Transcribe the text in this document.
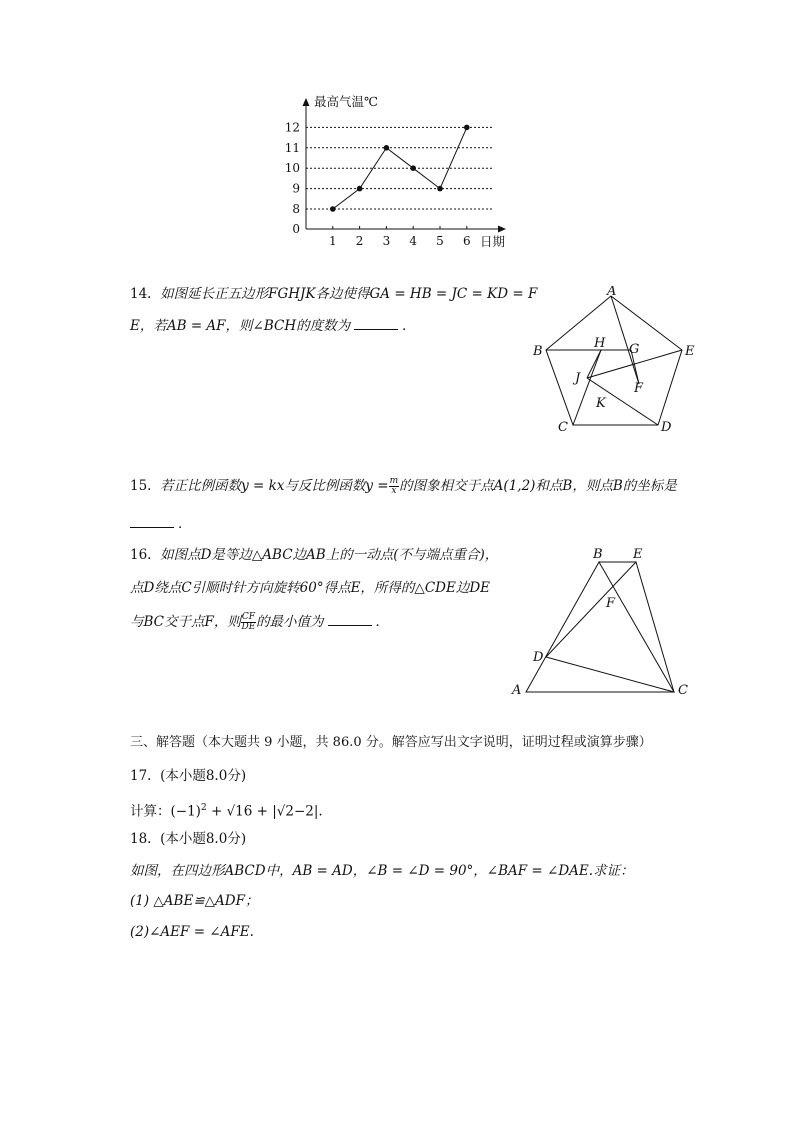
最高气温℃
日期
0
8
9
10
11
12
1 2 3 4 5 6
14. 如图延长正五边形FGHJK各边使得GA = HB = JC = KD = F
E，若AB = AF，则∠BCH的度数为	．
A
B	E
C	D
H G
J
F
K
15. 若正比例函数y = kx与反比例函数$y = \frac{m}{x}$ 的图象相交于点A(1,2)和点B，则点B的坐标是
．
16. 如图点D是等边△ABC边AB上的一动点(不与端点重合)，
点D绕点C引顺时针方向旋转60°得点E，所得的△CDE边DE
与BC交于点F，则 $\frac{CF}{DE}$ 的最小值为	．
B E
F
D
A	C
三、解答题（本大题共 9 小题，共 86.0 分。解答应写出文字说明，证明过程或演算步骤）
17. (本小题8.0分)
计算：$(-1)^2 + √16 + |√2-2|$.
18. (本小题8.0分)
如图，在四边形ABCD中，AB = AD，∠B = ∠D = 90°，∠BAF = ∠DAE.求证：
(1) △ABE≌△ADF；
(2)∠AEF = ∠AFE.
